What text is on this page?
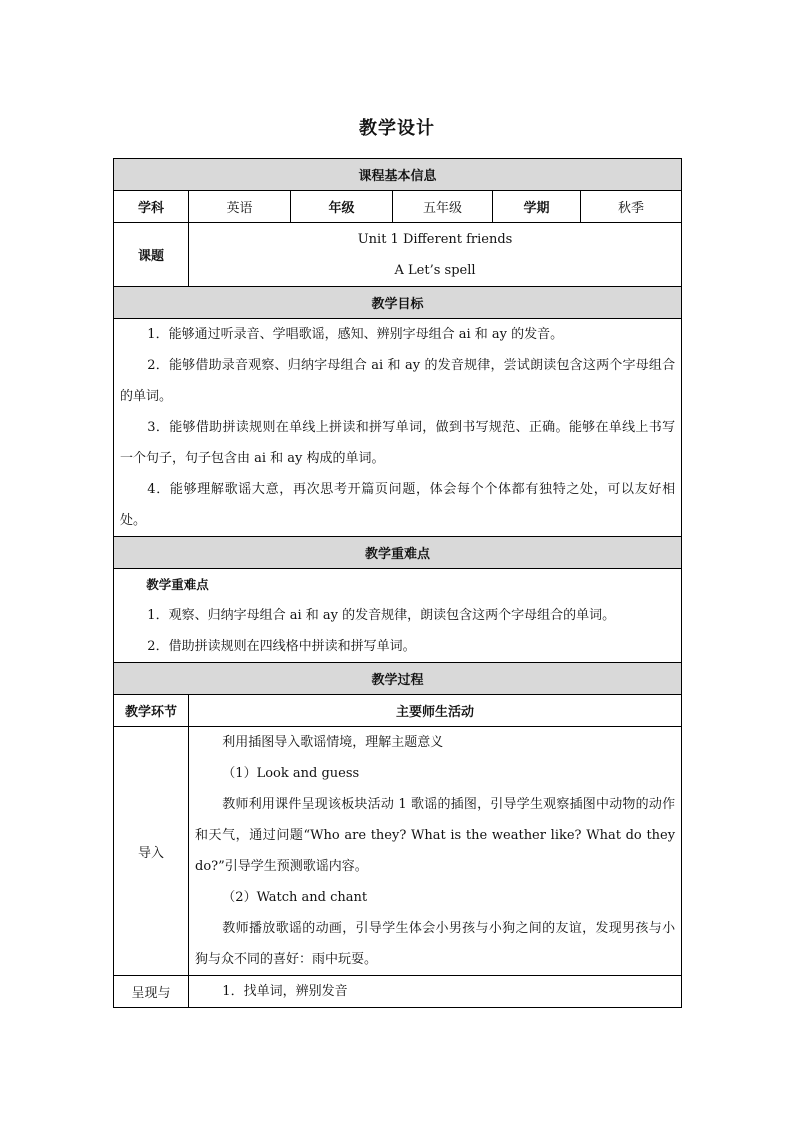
教学设计
课程基本信息					
学科	英语	年级	五年级	学期	秋季
课题	Unit 1 Different friends
A Let’s spell				

教学目标					

1．能够通过听录音、学唱歌谣，感知、辨别字母组合 ai 和 ay 的发音。
2．能够借助录音观察、归纳字母组合 ai 和 ay 的发音规律，尝试朗读包含这两个字母组合的单词。
3．能够借助拼读规则在单线上拼读和拼写单词，做到书写规范、正确。能够在单线上书写一个句子，句子包含由 ai 和 ay 构成的单词。
4．能够理解歌谣大意，再次思考开篇页问题，体会每个个体都有独特之处，可以友好相处。					

教学重难点					

教学重难点
1．观察、归纳字母组合 ai 和 ay 的发音规律，朗读包含这两个字母组合的单词。
2．借助拼读规则在四线格中拼读和拼写单词。					

教学过程					
教学环节	主要师生活动				
导入	利用插图导入歌谣情境，理解主题意义
（1）Look and guess
教师利用课件呈现该板块活动 1 歌谣的插图，引导学生观察插图中动物的动作和天气，通过问题“Who are they? What is the weather like? What do they do?”引导学生预测歌谣内容。
（2）Watch and chant
教师播放歌谣的动画，引导学生体会小男孩与小狗之间的友谊，发现男孩与小狗与众不同的喜好：雨中玩耍。				

呈现与	1．找单词，辨别发音				
